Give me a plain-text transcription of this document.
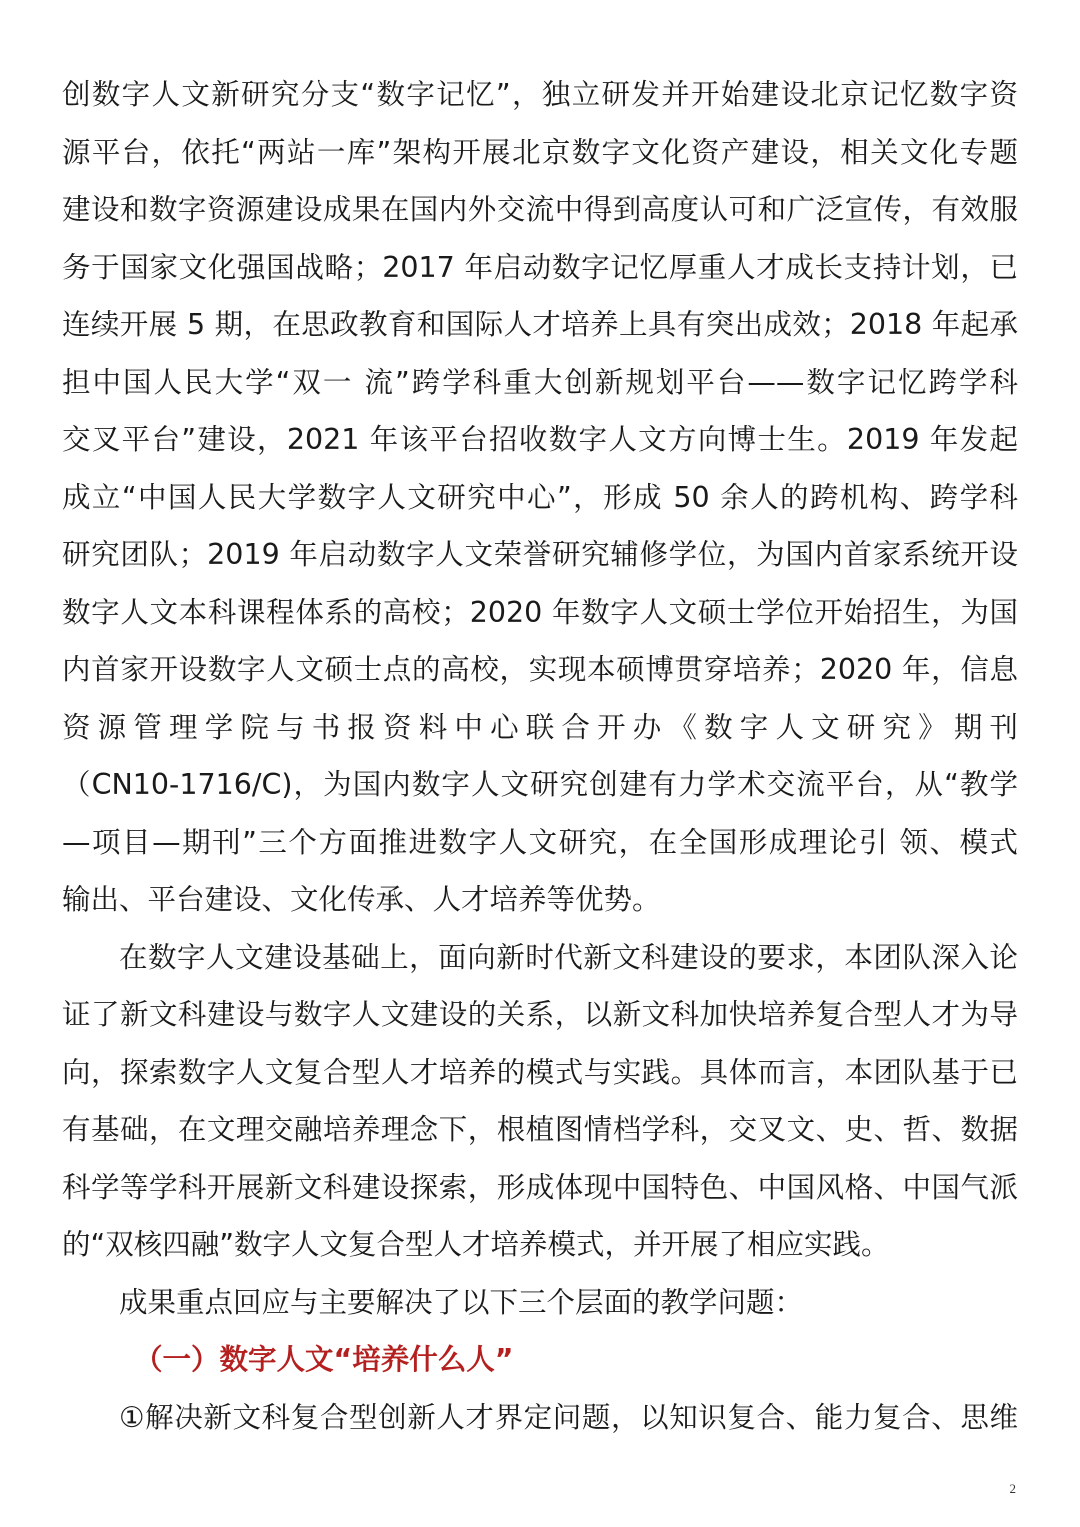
创数字人文新研究分支“数字记忆”，独立研发并开始建设北京记忆数字资
源平台，依托“两站一库”架构开展北京数字文化资产建设，相关文化专题
建设和数字资源建设成果在国内外交流中得到高度认可和广泛宣传，有效服
务于国家文化强国战略；2017 年启动数字记忆厚重人才成长支持计划，已
连续开展 5 期，在思政教育和国际人才培养上具有突出成效；2018 年起承
担中国人民大学“双一 流”跨学科重大创新规划平台——数字记忆跨学科
交叉平台”建设，2021 年该平台招收数字人文方向博士生。2019 年发起
成立“中国人民大学数字人文研究中心”，形成 50 余人的跨机构、跨学科
研究团队；2019 年启动数字人文荣誉研究辅修学位，为国内首家系统开设
数字人文本科课程体系的高校；2020 年数字人文硕士学位开始招生，为国
内首家开设数字人文硕士点的高校，实现本硕博贯穿培养；2020 年，信息
资源管理学院与书报资料中心联合开办《数字人文研究》期刊
（CN10-1716/C)，为国内数字人文研究创建有力学术交流平台，从“教学
—项目—期刊”三个方面推进数字人文研究，在全国形成理论引 领、模式
输出、平台建设、文化传承、人才培养等优势。
在数字人文建设基础上，面向新时代新文科建设的要求，本团队深入论
证了新文科建设与数字人文建设的关系，以新文科加快培养复合型人才为导
向，探索数字人文复合型人才培养的模式与实践。具体而言，本团队基于已
有基础，在文理交融培养理念下，根植图情档学科，交叉文、史、哲、数据
科学等学科开展新文科建设探索，形成体现中国特色、中国风格、中国气派
的“双核四融”数字人文复合型人才培养模式，并开展了相应实践。
成果重点回应与主要解决了以下三个层面的教学问题：
（一）数字人文“培养什么人”
①解决新文科复合型创新人才界定问题，以知识复合、能力复合、思维
2
